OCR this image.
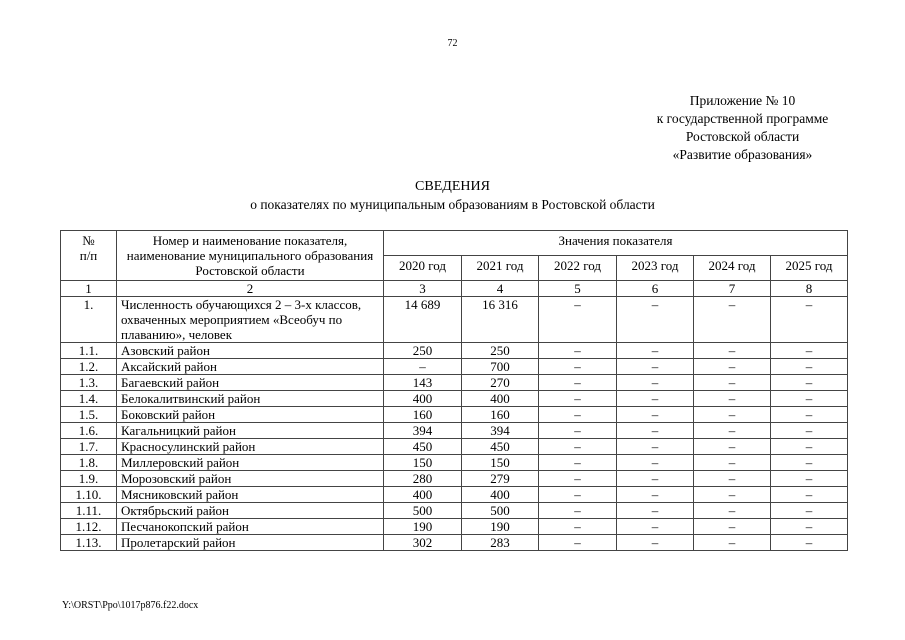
72
Приложение № 10
к государственной программе
Ростовской области
«Развитие образования»
СВЕДЕНИЯ
о показателях по муниципальным образованиям в Ростовской области
№
п/п	Номер и наименование показателя, наименование муниципального образования Ростовской области	Значения показателя					
		2020 год	2021 год	2022 год	2023 год	2024 год	2025 год
1	2	3	4	5	6	7	8
1.	Численность обучающихся 2 – 3-х классов, охваченных мероприятием «Всеобуч по плаванию», человек	14 689	16 316	–	–	–	–
1.1.	Азовский район	250	250	–	–	–	–
1.2.	Аксайский район	–	700	–	–	–	–
1.3.	Багаевский район	143	270	–	–	–	–
1.4.	Белокалитвинский район	400	400	–	–	–	–
1.5.	Боковский район	160	160	–	–	–	–
1.6.	Кагальницкий район	394	394	–	–	–	–
1.7.	Красносулинский район	450	450	–	–	–	–
1.8.	Миллеровский район	150	150	–	–	–	–
1.9.	Морозовский район	280	279	–	–	–	–
1.10.	Мясниковский район	400	400	–	–	–	–
1.11.	Октябрьский район	500	500	–	–	–	–
1.12.	Песчанокопский район	190	190	–	–	–	–
1.13.	Пролетарский район	302	283	–	–	–	–
Y:\ORST\Ppo\1017p876.f22.docx
